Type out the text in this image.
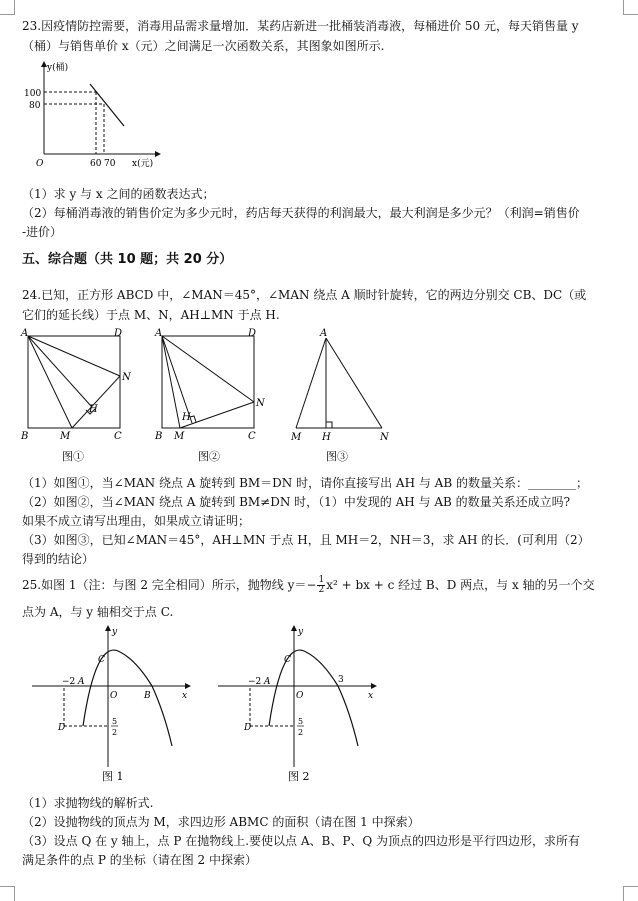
23.因疫情防控需要，消毒用品需求量增加．某药店新进一批桶装消毒液，每桶进价 50 元，每天销售量 y
（桶）与销售单价 x（元）之间满足一次函数关系，其图象如图所示.
y(桶)
x(元)
O
100
80
60 70
（1）求 y 与 x 之间的函数表达式；
（2）每桶消毒液的销售价定为多少元时，药店每天获得的利润最大，最大利润是多少元？（利润=销售价
-进价）
五、综合题（共 10 题；共 20 分）
24.已知，正方形 ABCD 中，∠MAN＝45°，∠MAN 绕点 A 顺时针旋转，它的两边分别交 CB、DC（或
它们的延长线）于点 M、N，AH⊥MN 于点 H.
A	D
B	M	C
N
H
图①
A	D
B M	C
N
H
图②
A
M H	N
图③
（1）如图①，当∠MAN 绕点 A 旋转到 BM＝DN 时，请你直接写出 AH 与 AB 的数量关系：________；
（2）如图②，当∠MAN 绕点 A 旋转到 BM≠DN 时，（1）中发现的 AH 与 AB 的数量关系还成立吗?
如果不成立请写出理由，如果成立请证明；
（3）如图③，已知∠MAN＝45°，AH⊥MN 于点 H，且 MH＝2，NH＝3，求 AH 的长．(可利用（2）
得到的结论）
25.如图 1（注：与图 2 完全相同）所示，抛物线 $y=- \frac{1}{2} x^2$ + bx + c 经过 B、D 两点，与 x 轴的另一个交
点为 A，与 y 轴相交于点 C.
y
x
O
A
−2
B
C
D
5
2
图 1
y
x
O
A
−2	3
C
D
5
2
图 2
（1）求抛物线的解析式.
（2）设抛物线的顶点为 M，求四边形 ABMC 的面积（请在图 1 中探索）
（3）设点 Q 在 y 轴上，点 P 在抛物线上.要使以点 A、B、P、Q 为顶点的四边形是平行四边形，求所有
满足条件的点 P 的坐标（请在图 2 中探索）
